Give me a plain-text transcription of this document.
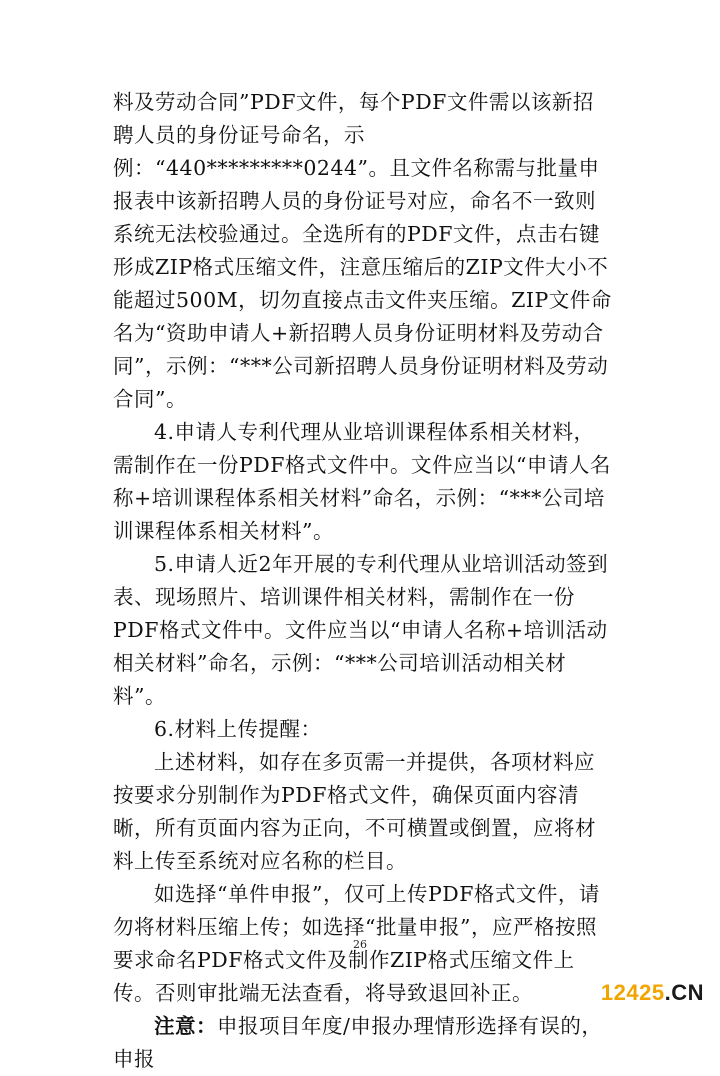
料及劳动合同”PDF文件，每个PDF文件需以该新招聘人员的身份证号命名，示例：“440*********0244”。且文件名称需与批量申报表中该新招聘人员的身份证号对应，命名不一致则系统无法校验通过。全选所有的PDF文件，点击右键形成ZIP格式压缩文件，注意压缩后的ZIP文件大小不能超过500M，切勿直接点击文件夹压缩。ZIP文件命名为“资助申请人+新招聘人员身份证明材料及劳动合同”，示例：“***公司新招聘人员身份证明材料及劳动合同”。

4.申请人专利代理从业培训课程体系相关材料，需制作在一份PDF格式文件中。文件应当以“申请人名称+培训课程体系相关材料”命名，示例：“***公司培训课程体系相关材料”。

5.申请人近2年开展的专利代理从业培训活动签到表、现场照片、培训课件相关材料，需制作在一份PDF格式文件中。文件应当以“申请人名称+培训活动相关材料”命名，示例：“***公司培训活动相关材料”。

6.材料上传提醒：

上述材料，如存在多页需一并提供，各项材料应按要求分别制作为PDF格式文件，确保页面内容清晰，所有页面内容为正向，不可横置或倒置，应将材料上传至系统对应名称的栏目。

如选择“单件申报”，仅可上传PDF格式文件，请勿将材料压缩上传；如选择“批量申报”，应严格按照要求命名PDF格式文件及制作ZIP格式压缩文件上传。否则审批端无法查看，将导致退回补正。

注意：申报项目年度/申报办理情形选择有误的，申报

26
12425.CN
